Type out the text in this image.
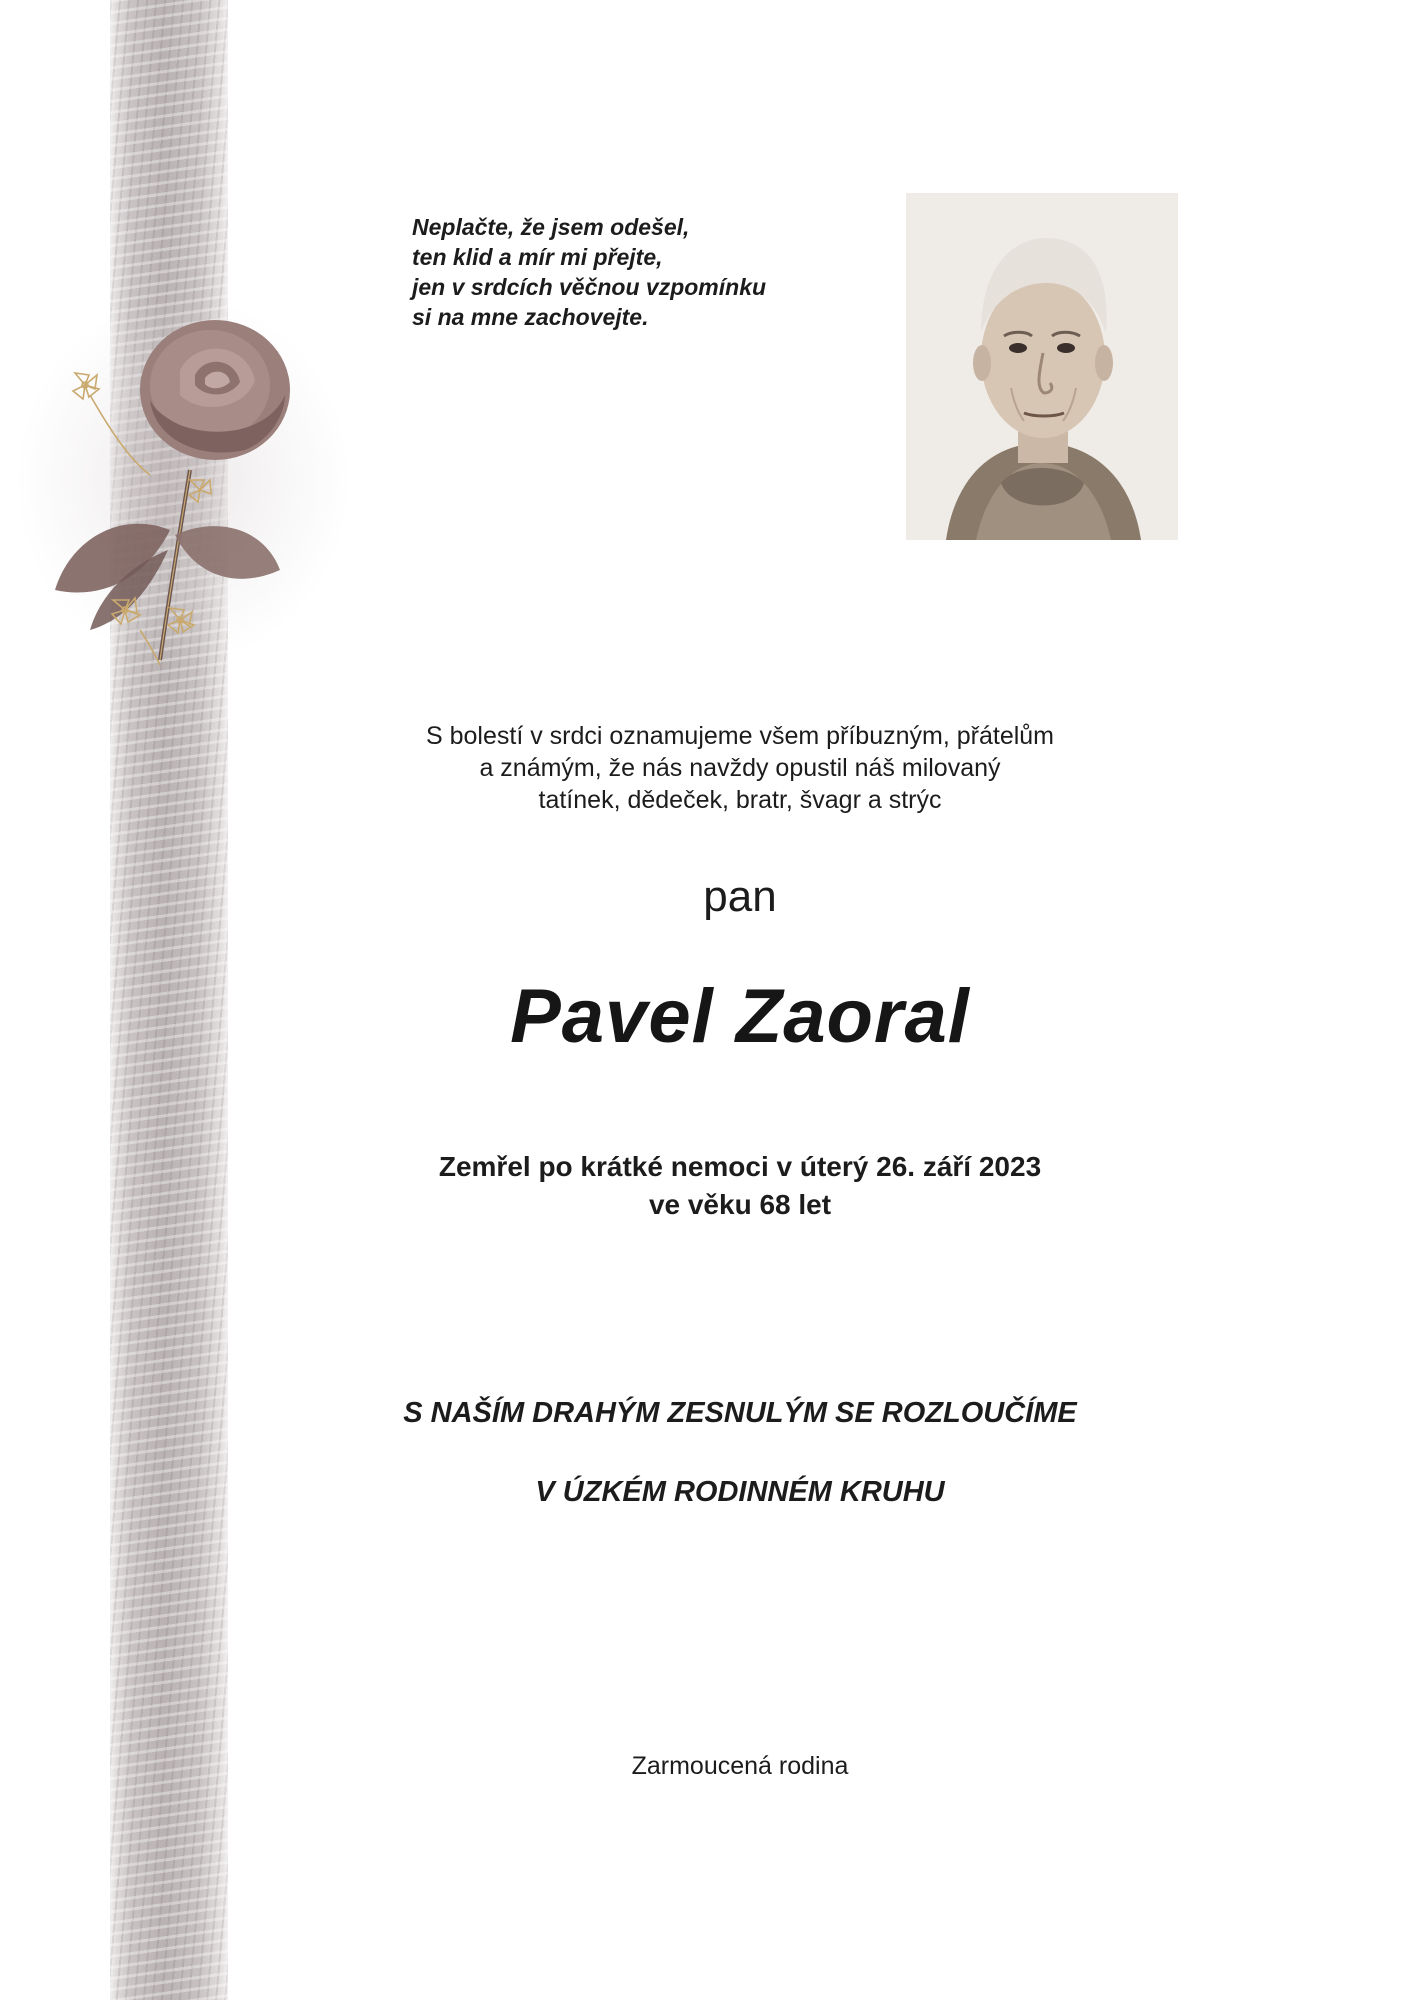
Neplačte, že jsem odešel,
ten klid a mír mi přejte,
jen v srdcích věčnou vzpomínku
si na mne zachovejte.
S bolestí v srdci oznamujeme všem příbuzným, přátelům
a známým, že nás navždy opustil náš milovaný
tatínek, dědeček, bratr, švagr a strýc
pan
Pavel Zaoral
Zemřel po krátké nemoci v úterý 26. září 2023
ve věku 68 let
S NAŠÍM DRAHÝM ZESNULÝM SE ROZLOUČÍME
V ÚZKÉM RODINNÉM KRUHU
Zarmoucená rodina
